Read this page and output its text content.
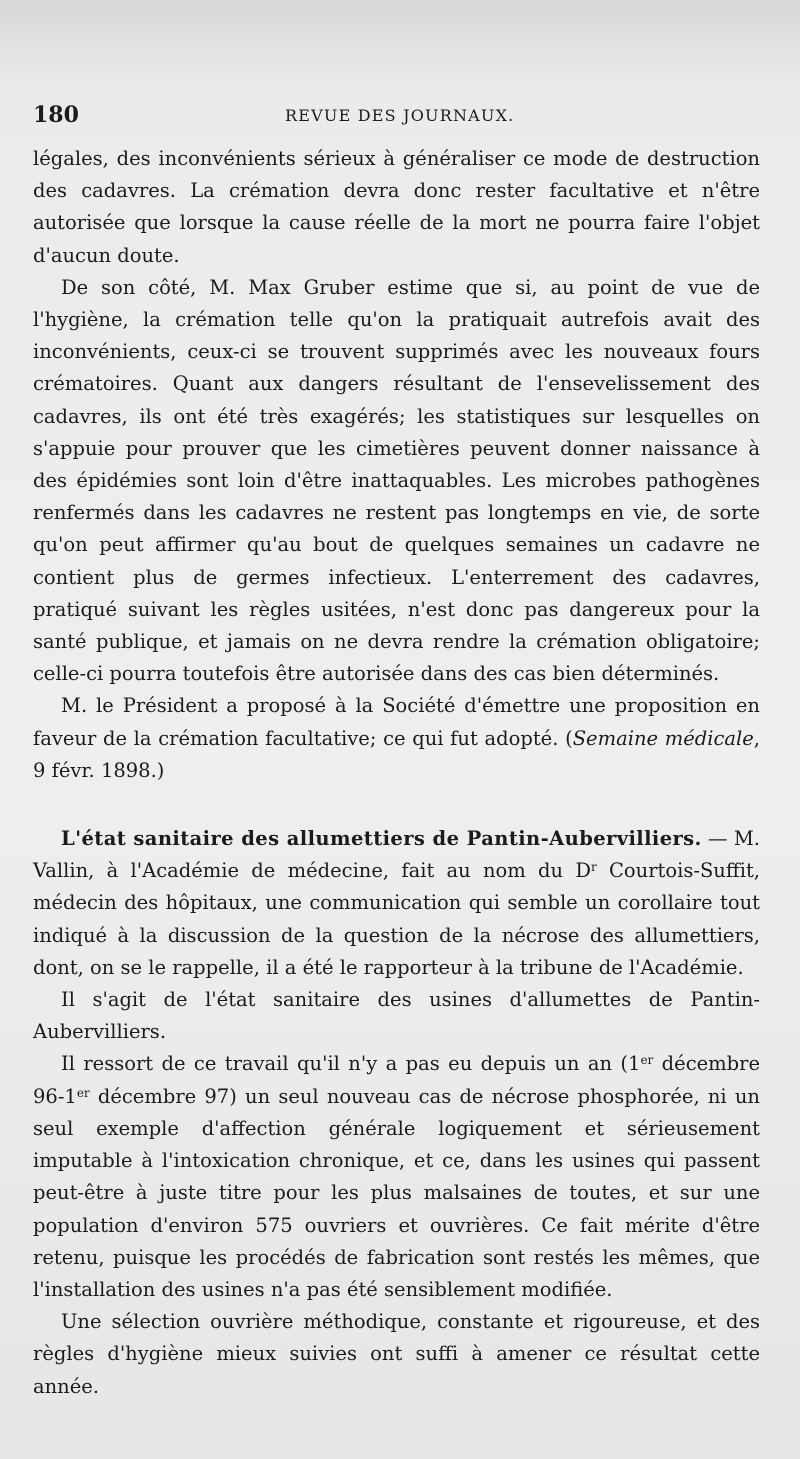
180	REVUE DES JOURNAUX.

légales, des inconvénients sérieux à généraliser ce mode de destruction des cadavres. La crémation devra donc rester facultative et n'être autorisée que lorsque la cause réelle de la mort ne pourra faire l'objet d'aucun doute.

De son côté, M. Max Gruber estime que si, au point de vue de l'hygiène, la crémation telle qu'on la pratiquait autrefois avait des inconvénients, ceux-ci se trouvent supprimés avec les nouveaux fours crématoires. Quant aux dangers résultant de l'ensevelissement des cadavres, ils ont été très exagérés; les statistiques sur lesquelles on s'appuie pour prouver que les cimetières peuvent donner naissance à des épidémies sont loin d'être inattaquables. Les microbes pathogènes renfermés dans les cadavres ne restent pas longtemps en vie, de sorte qu'on peut affirmer qu'au bout de quelques semaines un cadavre ne contient plus de germes infectieux. L'enterrement des cadavres, pratiqué suivant les règles usitées, n'est donc pas dangereux pour la santé publique, et jamais on ne devra rendre la crémation obligatoire; celle-ci pourra toutefois être autorisée dans des cas bien déterminés.

M. le Président a proposé à la Société d'émettre une proposition en faveur de la crémation facultative; ce qui fut adopté. (Semaine médicale, 9 févr. 1898.)

L'état sanitaire des allumettiers de Pantin-Aubervilliers. — M. Vallin, à l'Académie de médecine, fait au nom du $D^r$ Courtois-Suffit, médecin des hôpitaux, une communication qui semble un corollaire tout indiqué à la discussion de la question de la nécrose des allumettiers, dont, on se le rappelle, il a été le rapporteur à la tribune de l'Académie.

Il s'agit de l'état sanitaire des usines d'allumettes de Pantin-Aubervilliers.

Il ressort de ce travail qu'il n'y a pas eu depuis un an (1er décembre 96-1er décembre 97) un seul nouveau cas de nécrose phosphorée, ni un seul exemple d'affection générale logiquement et sérieusement imputable à l'intoxication chronique, et ce, dans les usines qui passent peut-être à juste titre pour les plus malsaines de toutes, et sur une population d'environ 575 ouvriers et ouvrières. Ce fait mérite d'être retenu, puisque les procédés de fabrication sont restés les mêmes, que l'installation des usines n'a pas été sensiblement modifiée.

Une sélection ouvrière méthodique, constante et rigoureuse, et des règles d'hygiène mieux suivies ont suffi à amener ce résultat cette année.
